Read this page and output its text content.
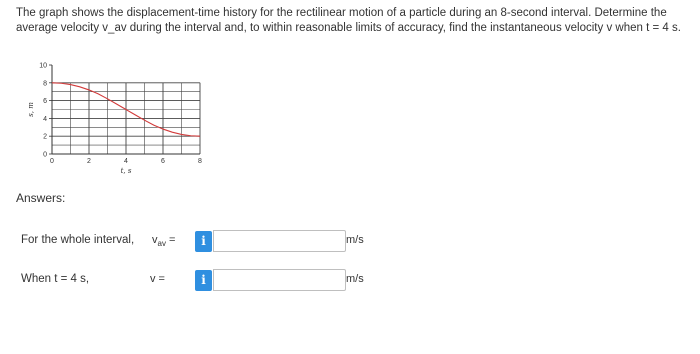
The graph shows the displacement-time history for the rectilinear motion of a particle during an 8-second interval. Determine the average velocity v_av during the interval and, to within reasonable limits of accuracy, find the instantaneous velocity v when t = 4 s.
0
2
4
6
8
10
0	2	4	6	8
t, s
s, m
Answers:
For the whole interval, $v_{av}$ =	i	m/s
When t = 4 s,	v =	i	m/s
